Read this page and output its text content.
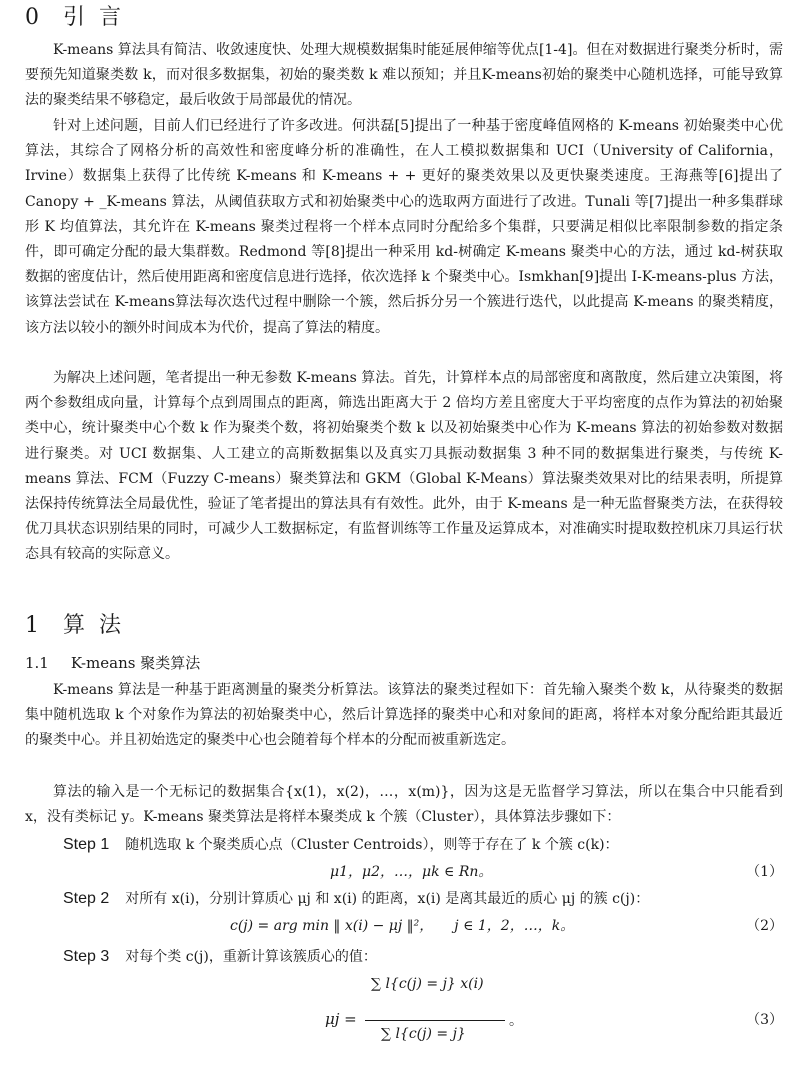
0 引言

K-means 算法具有简洁、收敛速度快、处理大规模数据集时能延展伸缩等优点[1-4]。但在对数据进行聚类分析时，需要预先知道聚类数 k，而对很多数据集，初始的聚类数 k 难以预知；并且K-means初始的聚类中心随机选择，可能导致算法的聚类结果不够稳定，最后收敛于局部最优的情况。

针对上述问题，目前人们已经进行了许多改进。何洪磊[5]提出了一种基于密度峰值网格的 K-means 初始聚类中心优算法，其综合了网格分析的高效性和密度峰分析的准确性，在人工模拟数据集和 UCI（University of California，Irvine）数据集上获得了比传统 K-means 和 K-means + + 更好的聚类效果以及更快聚类速度。王海燕等[6]提出了 Canopy + _K-means 算法，从阈值获取方式和初始聚类中心的选取两方面进行了改进。Tunali 等[7]提出一种多集群球形 K 均值算法，其允许在 K-means 聚类过程将一个样本点同时分配给多个集群，只要满足相似比率限制参数的指定条件，即可确定分配的最大集群数。Redmond 等[8]提出一种采用 kd-树确定 K-means 聚类中心的方法，通过 kd-树获取数据的密度估计，然后使用距离和密度信息进行选择，依次选择 k 个聚类中心。Ismkhan[9]提出 I-K-means-plus 方法，该算法尝试在 K-means算法每次迭代过程中删除一个簇，然后拆分另一个簇进行迭代，以此提高 K-means 的聚类精度，该方法以较小的额外时间成本为代价，提高了算法的精度。

为解决上述问题，笔者提出一种无参数 K-means 算法。首先，计算样本点的局部密度和离散度，然后建立决策图，将两个参数组成向量，计算每个点到周围点的距离，筛选出距离大于 2 倍均方差且密度大于平均密度的点作为算法的初始聚类中心，统计聚类中心个数 k 作为聚类个数，将初始聚类个数 k 以及初始聚类中心作为 K-means 算法的初始参数对数据进行聚类。对 UCI 数据集、人工建立的高斯数据集以及真实刀具振动数据集 3 种不同的数据集进行聚类，与传统 K-means 算法、FCM（Fuzzy C-means）聚类算法和 GKM（Global K-Means）算法聚类效果对比的结果表明，所提算法保持传统算法全局最优性，验证了笔者提出的算法具有有效性。此外，由于 K-means 是一种无监督聚类方法，在获得较优刀具状态识别结果的同时，可减少人工数据标定，有监督训练等工作量及运算成本，对准确实时提取数控机床刀具运行状态具有较高的实际意义。

1 算法
1.1 K-means 聚类算法

K-means 算法是一种基于距离测量的聚类分析算法。该算法的聚类过程如下：首先输入聚类个数 k，从待聚类的数据集中随机选取 k 个对象作为算法的初始聚类中心，然后计算选择的聚类中心和对象间的距离，将样本对象分配给距其最近的聚类中心。并且初始选定的聚类中心也会随着每个样本的分配而被重新选定。

算法的输入是一个无标记的数据集合{x(1)，x(2)，…，x(m)}，因为这是无监督学习算法，所以在集合中只能看到 x，没有类标记 y。K-means 聚类算法是将样本聚类成 k 个簇（Cluster），具体算法步骤如下：

Step 1 随机选取 k 个聚类质心点（Cluster Centroids），则等于存在了 k 个簇 c(k)：
μ1，μ2，…，μk ∈ Rn。	（1）
Step 2 对所有 x(i)，分别计算质心 μj 和 x(i) 的距离，x(i) 是离其最近的质心 μj 的簇 c(j)：
c(j) = arg min ‖ x(i) − μj ‖²，　　j ∈ 1，2，…，k。	（2）
Step 3 对每个类 c(j)，重新计算该簇质心的值：
μj =
∑ l{c(j) = j} x(i)
∑ l{c(j) = j}
。	（3）
